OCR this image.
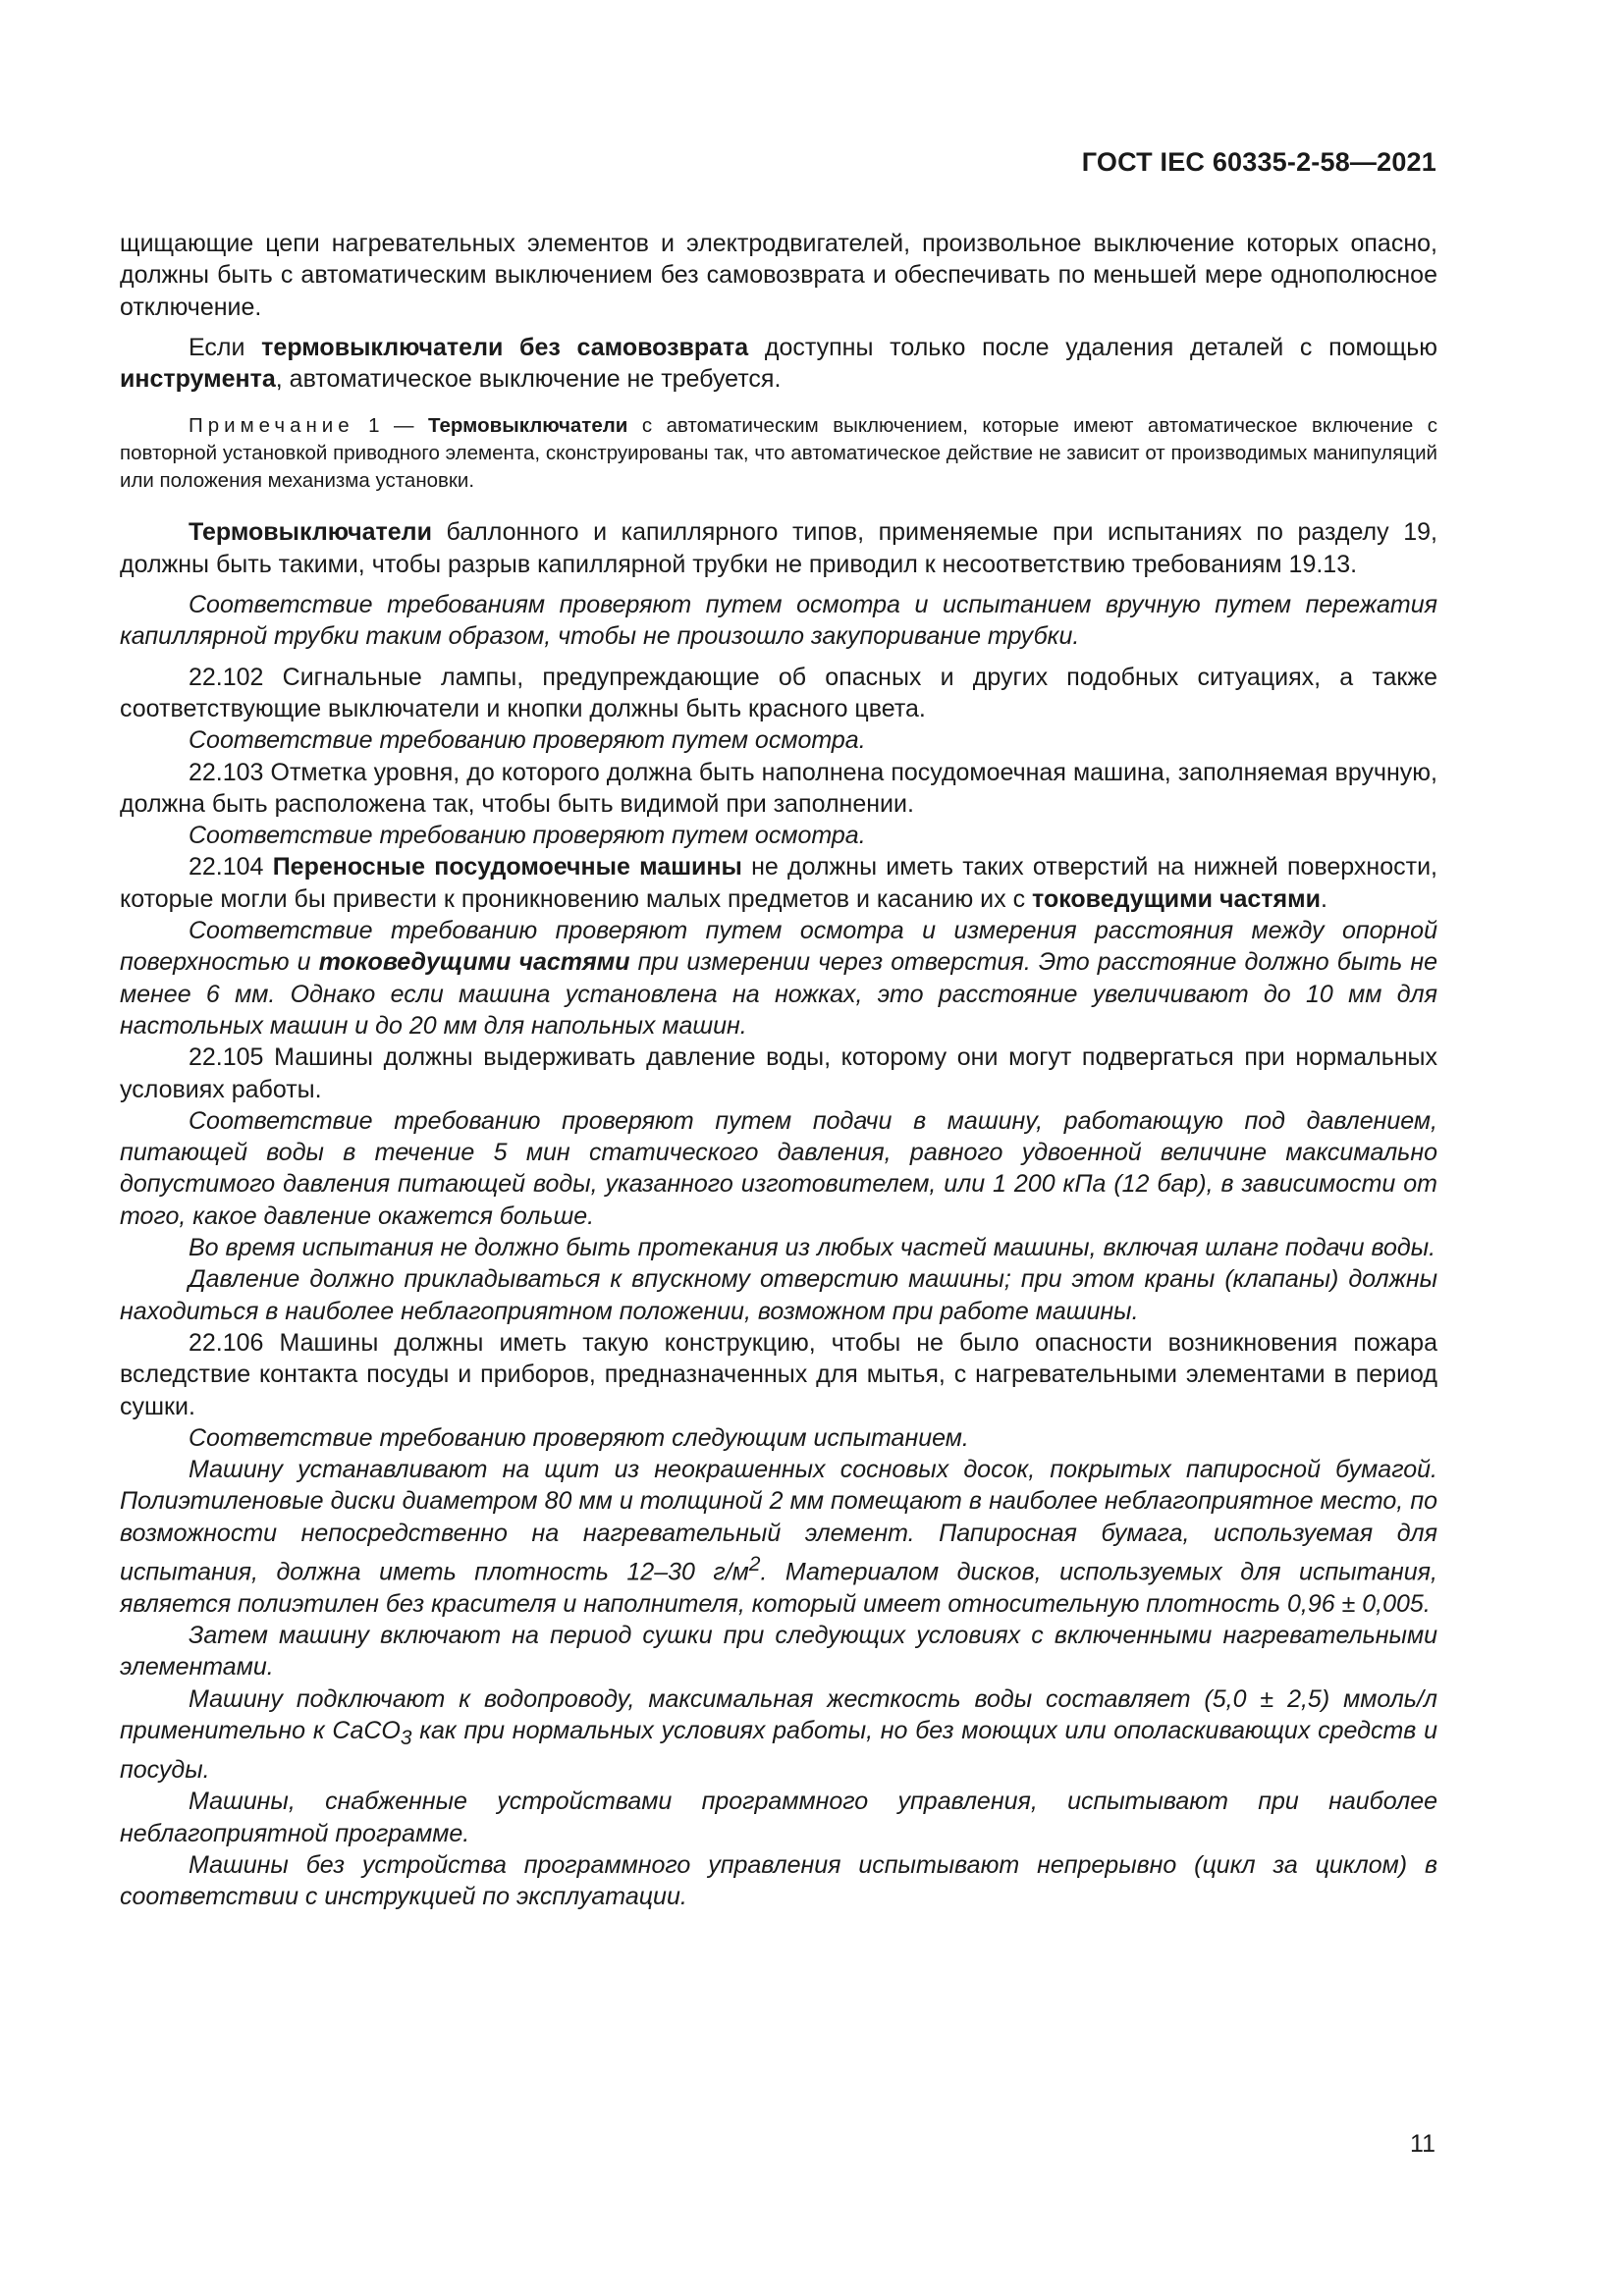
ГОСТ IEC 60335-2-58—2021

щищающие цепи нагревательных элементов и электродвигателей, произвольное выключение которых опасно, должны быть с автоматическим выключением без самовозврата и обеспечивать по меньшей мере однополюсное отключение.

Если термовыключатели без самовозврата доступны только после удаления деталей с помощью инструмента, автоматическое выключение не требуется.

Примечание 1 — Термовыключатели с автоматическим выключением, которые имеют автоматическое включение с повторной установкой приводного элемента, сконструированы так, что автоматическое действие не зависит от производимых манипуляций или положения механизма установки.

Термовыключатели баллонного и капиллярного типов, применяемые при испытаниях по разделу 19, должны быть такими, чтобы разрыв капиллярной трубки не приводил к несоответствию требованиям 19.13.

Соответствие требованиям проверяют путем осмотра и испытанием вручную путем пережатия капиллярной трубки таким образом, чтобы не произошло закупоривание трубки.

22.102 Сигнальные лампы, предупреждающие об опасных и других подобных ситуациях, а также соответствующие выключатели и кнопки должны быть красного цвета.

Соответствие требованию проверяют путем осмотра.

22.103 Отметка уровня, до которого должна быть наполнена посудомоечная машина, заполняемая вручную, должна быть расположена так, чтобы быть видимой при заполнении.

Соответствие требованию проверяют путем осмотра.

22.104 Переносные посудомоечные машины не должны иметь таких отверстий на нижней поверхности, которые могли бы привести к проникновению малых предметов и касанию их с токоведущими частями.

Соответствие требованию проверяют путем осмотра и измерения расстояния между опорной поверхностью и токоведущими частями при измерении через отверстия. Это расстояние должно быть не менее 6 мм. Однако если машина установлена на ножках, это расстояние увеличивают до 10 мм для настольных машин и до 20 мм для напольных машин.

22.105 Машины должны выдерживать давление воды, которому они могут подвергаться при нормальных условиях работы.

Соответствие требованию проверяют путем подачи в машину, работающую под давлением, питающей воды в течение 5 мин статического давления, равного удвоенной величине максимально допустимого давления питающей воды, указанного изготовителем, или 1 200 кПа (12 бар), в зависимости от того, какое давление окажется больше.

Во время испытания не должно быть протекания из любых частей машины, включая шланг подачи воды.

Давление должно прикладываться к впускному отверстию машины; при этом краны (клапаны) должны находиться в наиболее неблагоприятном положении, возможном при работе машины.

22.106 Машины должны иметь такую конструкцию, чтобы не было опасности возникновения пожара вследствие контакта посуды и приборов, предназначенных для мытья, с нагревательными элементами в период сушки.

Соответствие требованию проверяют следующим испытанием.

Машину устанавливают на щит из неокрашенных сосновых досок, покрытых папиросной бумагой. Полиэтиленовые диски диаметром 80 мм и толщиной 2 мм помещают в наиболее неблагоприятное место, по возможности непосредственно на нагревательный элемент. Папиросная бумага, используемая для испытания, должна иметь плотность 12–30 $г/м^2$. Материалом дисков, используемых для испытания, является полиэтилен без красителя и наполнителя, который имеет относительную плотность 0,96 ± 0,005.

Затем машину включают на период сушки при следующих условиях с включенными нагревательными элементами.

Машину подключают к водопроводу, максимальная жесткость воды составляет (5,0 ± 2,5) ммоль/л применительно к CaCO$_3$ как при нормальных условиях работы, но без моющих или ополаскивающих средств и посуды.

Машины, снабженные устройствами программного управления, испытывают при наиболее неблагоприятной программе.

Машины без устройства программного управления испытывают непрерывно (цикл за циклом) в соответствии с инструкцией по эксплуатации.

11
